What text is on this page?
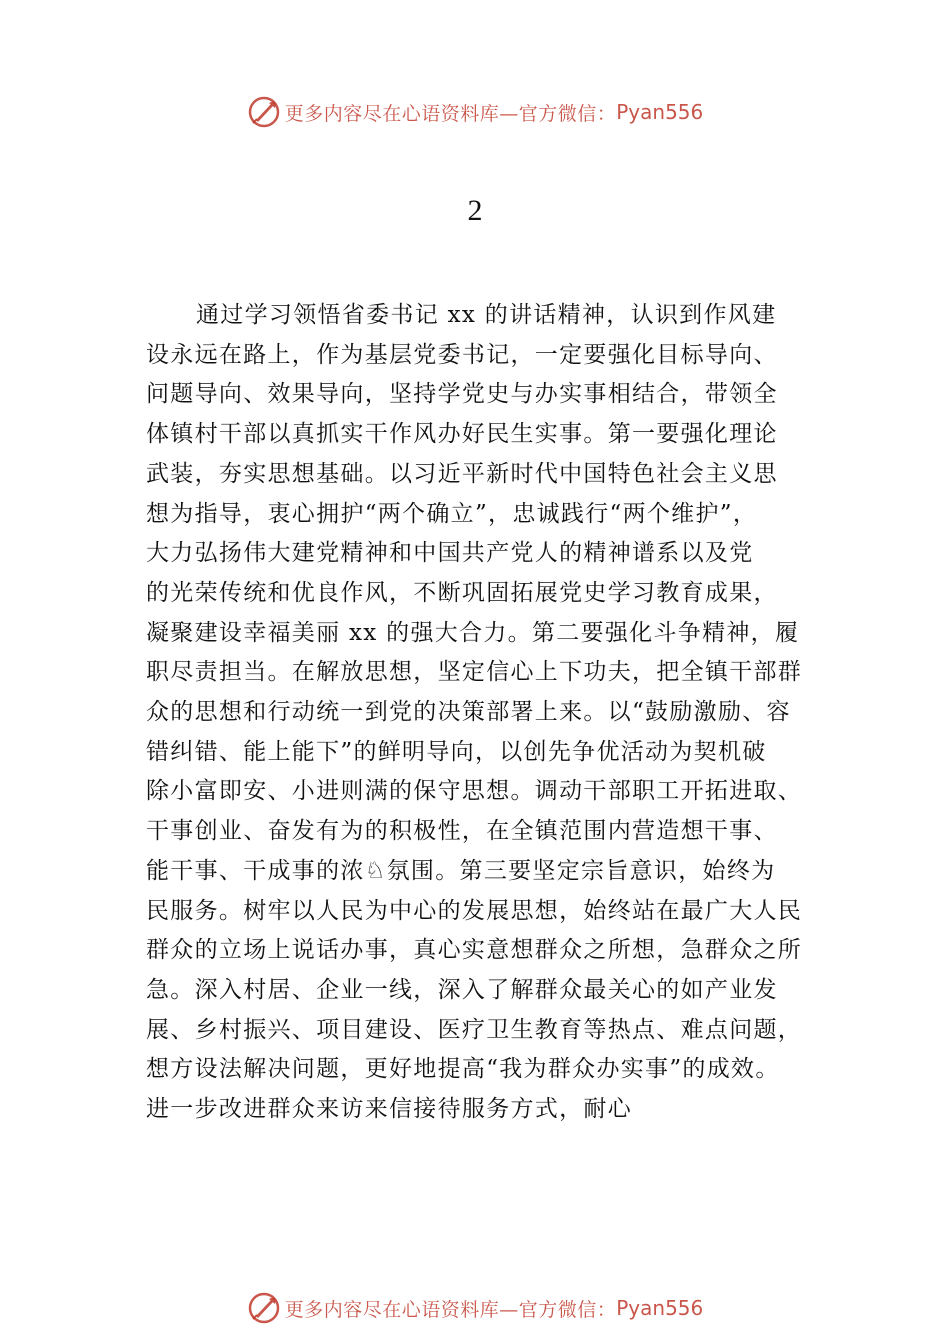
更多内容尽在心语资料库—官方微信： Pyan556
2
通过学习领悟省委书记 xx 的讲话精神，认识到作风建
设永远在路上，作为基层党委书记，一定要强化目标导向、
问题导向、效果导向，坚持学党史与办实事相结合，带领全
体镇村干部以真抓实干作风办好民生实事。第一要强化理论
武装，夯实思想基础。以习近平新时代中国特色社会主义思
想为指导，衷心拥护“两个确立”，忠诚践行“两个维护”，
大力弘扬伟大建党精神和中国共产党人的精神谱系以及党
的光荣传统和优良作风，不断巩固拓展党史学习教育成果，
凝聚建设幸福美丽 xx 的强大合力。第二要强化斗争精神，履
职尽责担当。在解放思想，坚定信心上下功夫，把全镇干部群
众的思想和行动统一到党的决策部署上来。以“鼓励激励、容
错纠错、能上能下”的鲜明导向，以创先争优活动为契机破
除小富即安、小进则满的保守思想。调动干部职工开拓进取、
干事创业、奋发有为的积极性，在全镇范围内营造想干事、
能干事、干成事的浓♘氛围。第三要坚定宗旨意识，始终为
民服务。树牢以人民为中心的发展思想，始终站在最广大人民
群众的立场上说话办事，真心实意想群众之所想，急群众之所
急。深入村居、企业一线，深入了解群众最关心的如产业发
展、乡村振兴、项目建设、医疗卫生教育等热点、难点问题，
想方设法解决问题，更好地提高“我为群众办实事”的成效。
进一步改进群众来访来信接待服务方式，耐心
更多内容尽在心语资料库—官方微信： Pyan556
